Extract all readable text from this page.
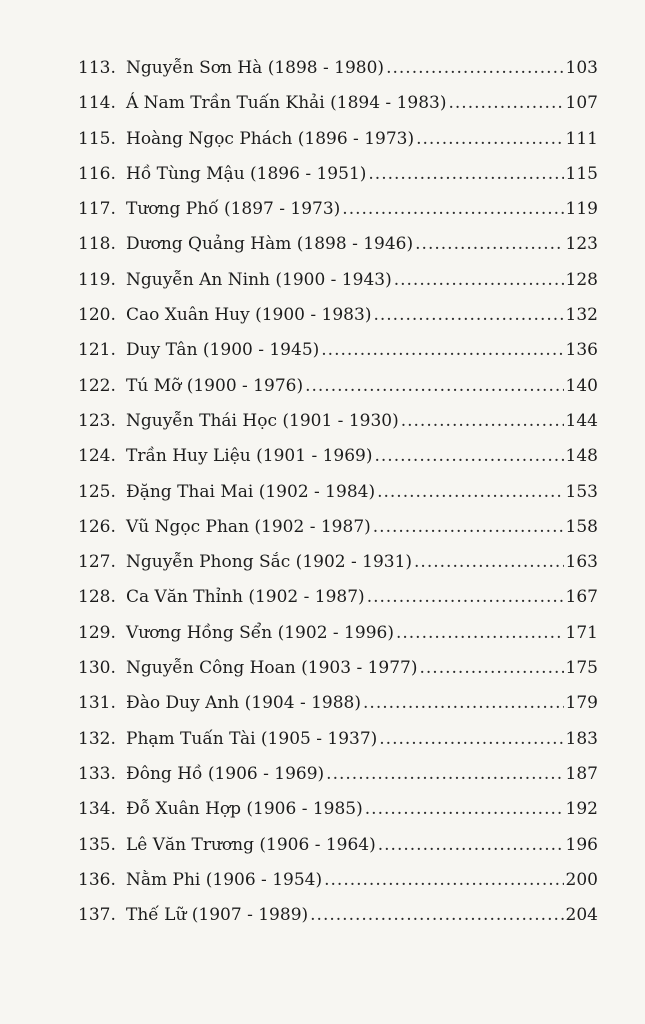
113. Nguyễn Sơn Hà (1898 - 1980) .....	103
114. Á Nam Trần Tuấn Khải (1894 - 1983) .....	107
115. Hoàng Ngọc Phách (1896 - 1973) .....	111
116. Hồ Tùng Mậu (1896 - 1951) .....	115
117. Tương Phố (1897 - 1973) .....	119
118. Dương Quảng Hàm (1898 - 1946) .....	123
119. Nguyễn An Ninh (1900 - 1943) .....	128
120. Cao Xuân Huy (1900 - 1983) .....	132
121. Duy Tân (1900 - 1945) .....	136
122. Tú Mỡ (1900 - 1976) .....	140
123. Nguyễn Thái Học (1901 - 1930) .....	144
124. Trần Huy Liệu (1901 - 1969) .....	148
125. Đặng Thai Mai (1902 - 1984) .....	153
126. Vũ Ngọc Phan (1902 - 1987) .....	158
127. Nguyễn Phong Sắc (1902 - 1931) .....	163
128. Ca Văn Thỉnh (1902 - 1987) .....	167
129. Vương Hồng Sển (1902 - 1996) .....	171
130. Nguyễn Công Hoan (1903 - 1977) .....	175
131. Đào Duy Anh (1904 - 1988) .....	179
132. Phạm Tuấn Tài (1905 - 1937) .....	183
133. Đông Hồ (1906 - 1969) .....	187
134. Đỗ Xuân Hợp (1906 - 1985) .....	192
135. Lê Văn Trương (1906 - 1964) .....	196
136. Nằm Phi (1906 - 1954) .....	200
137. Thế Lữ (1907 - 1989) .....	204
